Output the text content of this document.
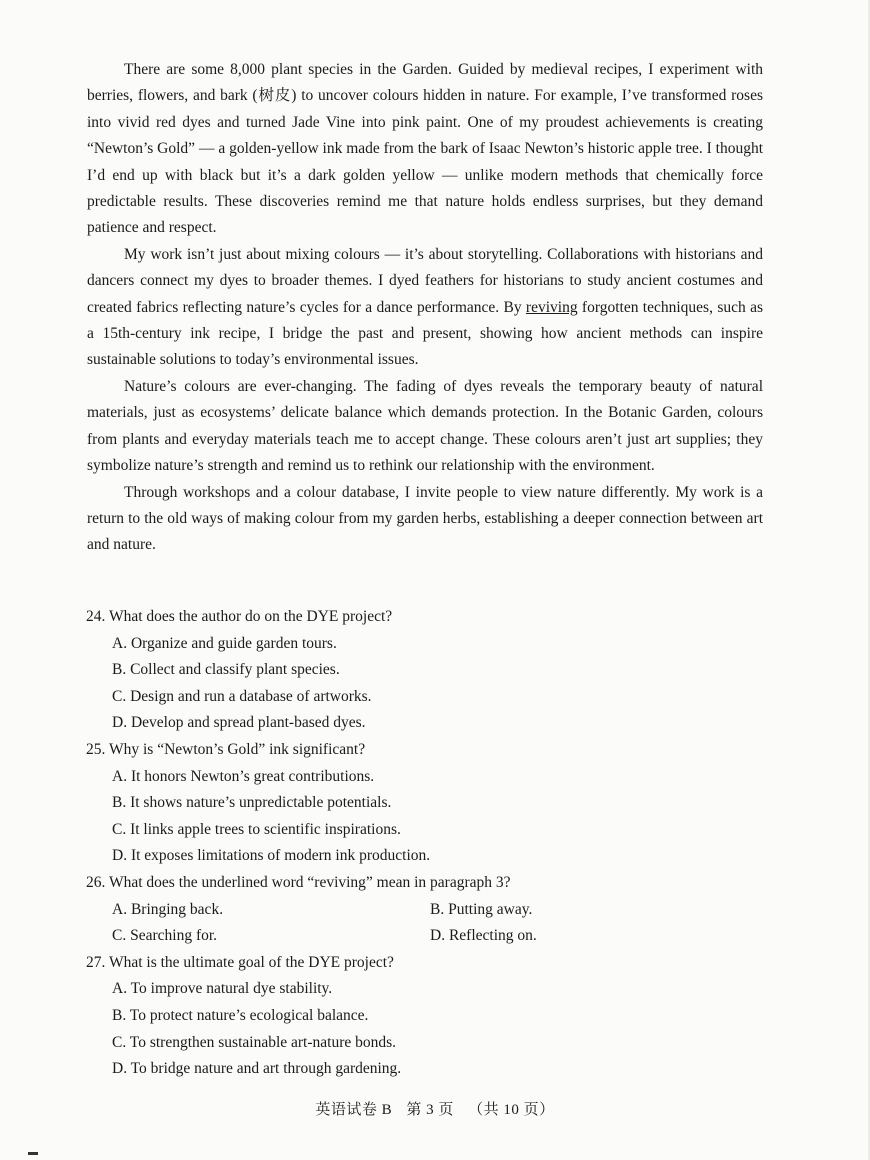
There are some 8,000 plant species in the Garden. Guided by medieval recipes, I experiment with berries, flowers, and bark (树皮) to uncover colours hidden in nature. For example, I’ve transformed roses into vivid red dyes and turned Jade Vine into pink paint. One of my proudest achievements is creating “Newton’s Gold” — a golden-yellow ink made from the bark of Isaac Newton’s historic apple tree. I thought I’d end up with black but it’s a dark golden yellow — unlike modern methods that chemically force predictable results. These discoveries remind me that nature holds endless surprises, but they demand patience and respect.

My work isn’t just about mixing colours — it’s about storytelling. Collaborations with historians and dancers connect my dyes to broader themes. I dyed feathers for historians to study ancient costumes and created fabrics reflecting nature’s cycles for a dance performance. By reviving forgotten techniques, such as a 15th-century ink recipe, I bridge the past and present, showing how ancient methods can inspire sustainable solutions to today’s environmental issues.

Nature’s colours are ever-changing. The fading of dyes reveals the temporary beauty of natural materials, just as ecosystems’ delicate balance which demands protection. In the Botanic Garden, colours from plants and everyday materials teach me to accept change. These colours aren’t just art supplies; they symbolize nature’s strength and remind us to rethink our relationship with the environment.

Through workshops and a colour database, I invite people to view nature differently. My work is a return to the old ways of making colour from my garden herbs, establishing a deeper connection between art and nature.

24. What does the author do on the DYE project?

A. Organize and guide garden tours.
B. Collect and classify plant species.
C. Design and run a database of artworks.
D. Develop and spread plant-based dyes.

25. Why is “Newton’s Gold” ink significant?

A. It honors Newton’s great contributions.
B. It shows nature’s unpredictable potentials.
C. It links apple trees to scientific inspirations.
D. It exposes limitations of modern ink production.

26. What does the underlined word “reviving” mean in paragraph 3?

A. Bringing back.	B. Putting away. C. Searching for.	D. Reflecting on.

27. What is the ultimate goal of the DYE project?

A. To improve natural dye stability.
B. To protect nature’s ecological balance.
C. To strengthen sustainable art-nature bonds.
D. To bridge nature and art through gardening.
英语试卷 B 第 3 页 （共 10 页）
